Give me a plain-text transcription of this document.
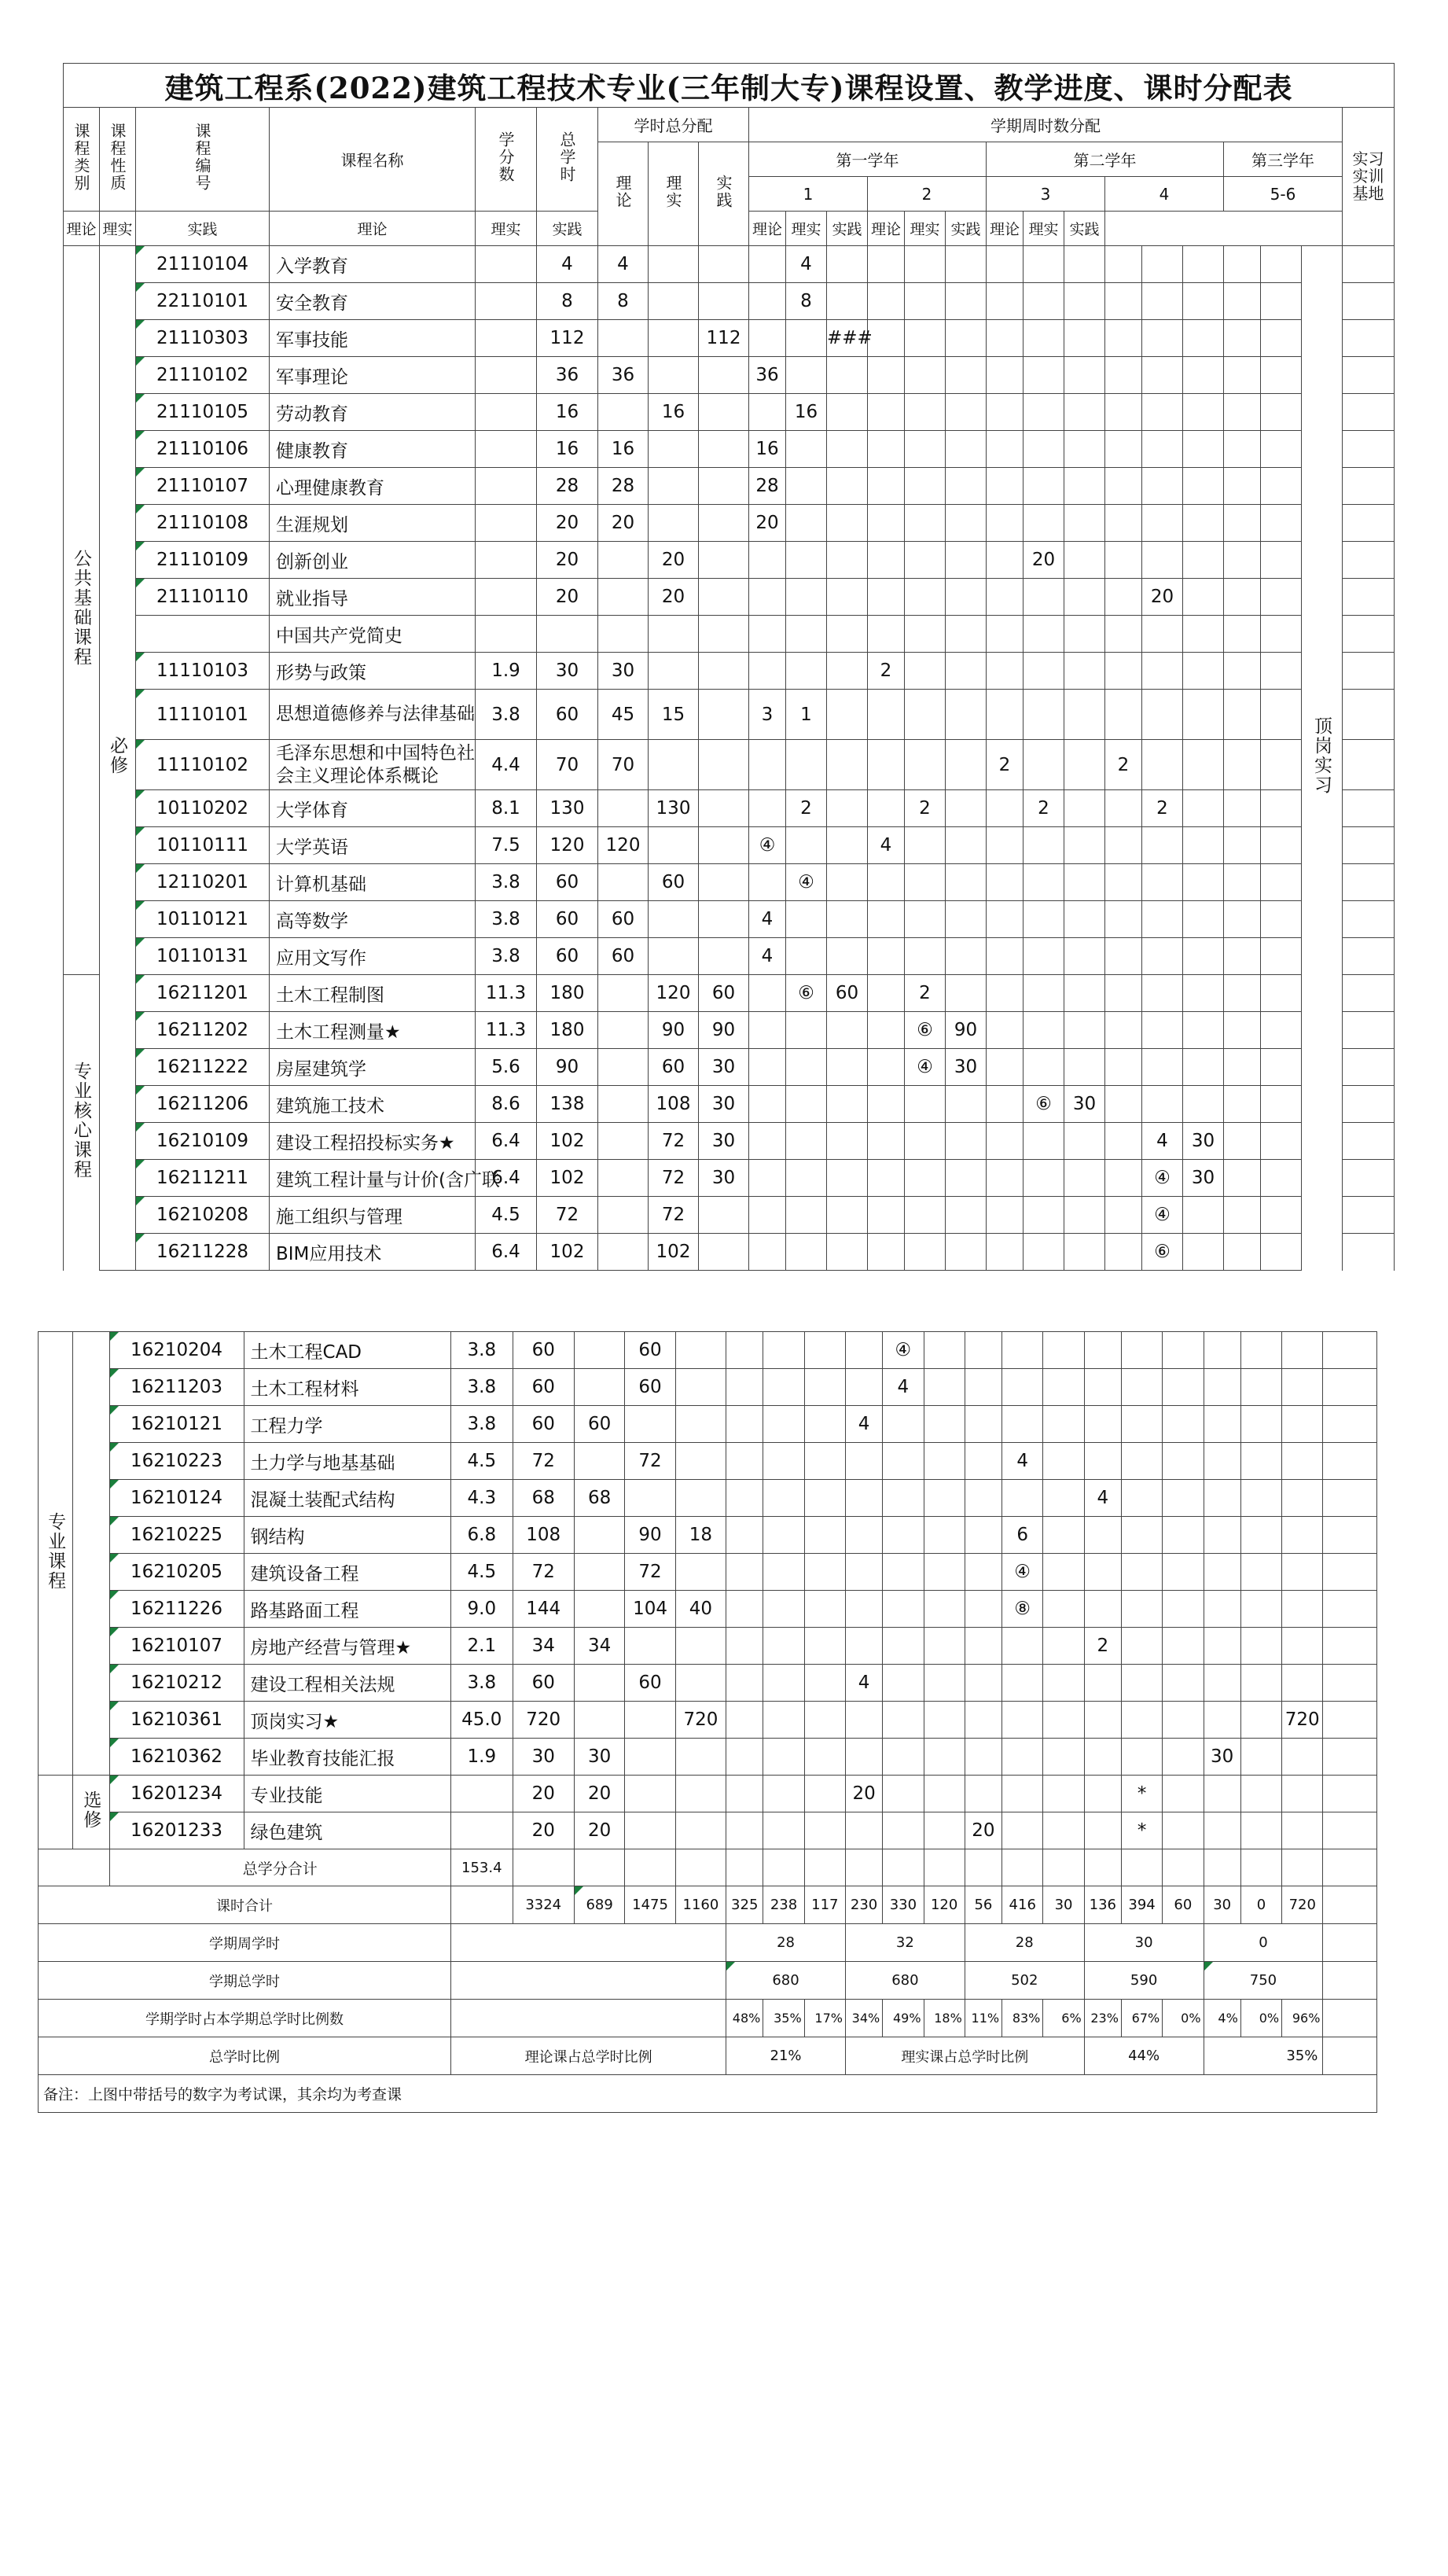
建筑工程系(2022)建筑工程技术专业(三年制大专)课程设置、教学进度、课时分配表																								
课程类别	课程性质	课程编号	课程名称	学分数	总学时	学时总分配			学期周时数分配															实习实训基地
						理论	理实	实践	第一学年						第二学年						第三学年			
									1			2			3			4			5-6			
理论	理实	实践	理论	理实	实践				理论	理实	实践	理论	理实	实践	理论	理实	实践							
公共基础课程	必修	21110104	入学教育		4	4				4													顶岗实习	
		22110101	安全教育		8	8				8														
		21110303	军事技能		112			112			###													
		21110102	军事理论		36	36			36															
		21110105	劳动教育		16		16			16														
		21110106	健康教育		16	16			16															
		21110107	心理健康教育		28	28			28															
		21110108	生涯规划		20	20			20															
		21110109	创新创业		20		20									20								
		21110110	就业指导		20		20												20					
			中国共产党简史																					
		11110103	形势与政策	1.9	30	30						2												
		11110101	思想道德修养与法律基础	3.8	60	45	15		3	1														
		11110102	毛泽东思想和中国特色社会主义理论体系概论	4.4	70	70									2			2						
		10110202	大学体育	8.1	130		130			2			2			2			2					
		10110111	大学英语	7.5	120	120			④			4												
		12110201	计算机基础	3.8	60		60			④														
		10110121	高等数学	3.8	60	60			4															
		10110131	应用文写作	3.8	60	60			4															
专业核心课程		16211201	土木工程制图	11.3	180		120	60		⑥	60		2											
		16211202	土木工程测量★	11.3	180		90	90					⑥	90										
		16211222	房屋建筑学	5.6	90		60	30					④	30										
		16211206	建筑施工技术	8.6	138		108	30								⑥	30							
		16210109	建设工程招投标实务★	6.4	102		72	30											4	30				
		16211211	建筑工程计量与计价(含广联	6.4	102		72	30											④	30				
		16210208	施工组织与管理	4.5	72		72												④					
		16211228	BIM应用技术	6.4	102		102												⑥					
专业课程		16210204	土木工程CAD	3.8	60		60						④											
		16211203	土木工程材料	3.8	60		60						4											
		16210121	工程力学	3.8	60	60						4												
		16210223	土力学与地基基础	4.5	72		72									4								
		16210124	混凝土装配式结构	4.3	68	68												4						
		16210225	钢结构	6.8	108		90	18								6								
		16210205	建筑设备工程	4.5	72		72									④								
		16211226	路基路面工程	9.0	144		104	40								⑧								
		16210107	房地产经营与管理★	2.1	34	34												2						
		16210212	建设工程相关法规	3.8	60		60					4												
		16210361	顶岗实习★	45.0	720			720															720	
		16210362	毕业教育技能汇报	1.9	30	30															30			
	选修	16201234	专业技能		20	20						20							*					
		16201233	绿色建筑		20	20									20				*					
		总学分合计		153.4																				
课时合计					3324	689	1475	1160	325	238	117	230	330	120	56	416	30	136	394	60	30	0	720	
学期周学时									28			32			28			30			0			
学期总学时									680			680			502			590			750			
学期学时占本学期总学时比例数									48%	35%	17%	34%	49%	18%	11%	83%	6%	23%	67%	0%	4%	0%	96%	
总学时比例				理论课占总学时比例					21%			理实课占总学时比例						44%			35%			
备注：上图中带括号的数字为考试课，其余均为考查课																								
